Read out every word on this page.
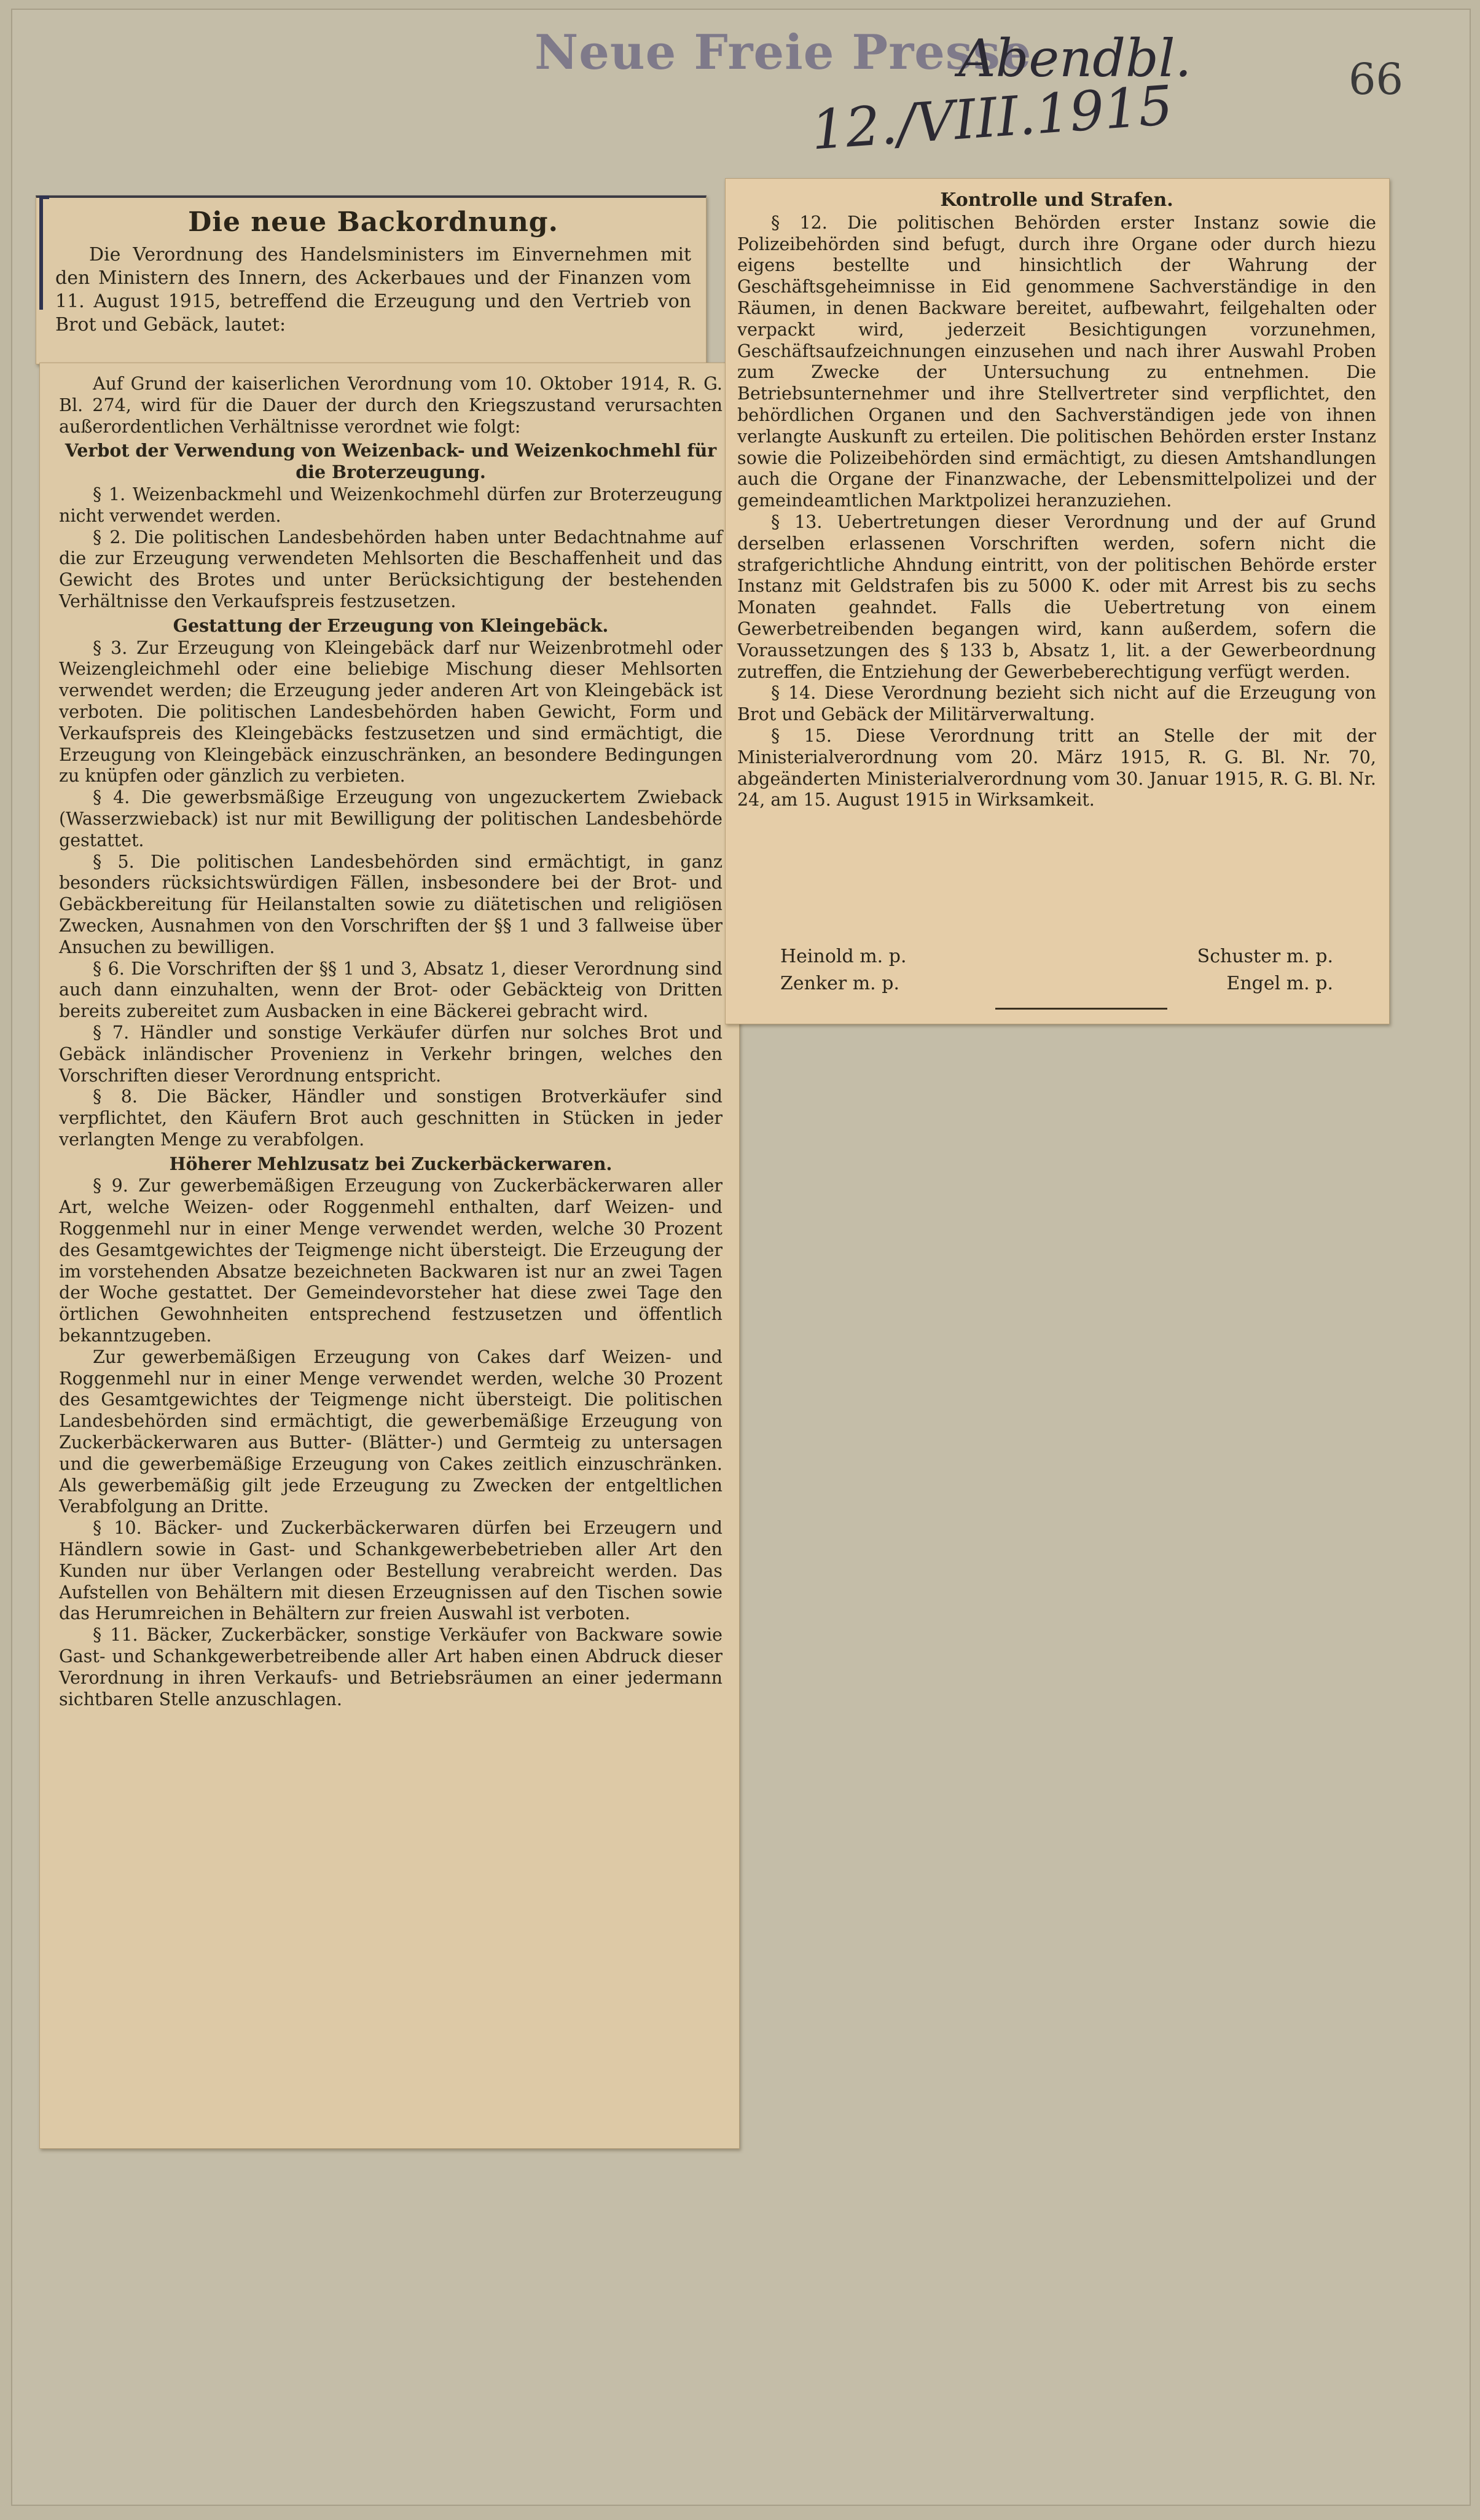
Neue Freie Presse
Abendbl.
12./VIII.1915	66
Die neue Backordnung.

Die Verordnung des Handelsministers im Einvernehmen mit den Ministern des Innern, des Ackerbaues und der Finanzen vom 11. August 1915, betreffend die Erzeugung und den Vertrieb von Brot und Gebäck, lautet:

Auf Grund der kaiserlichen Verordnung vom 10. Oktober 1914, R. G. Bl. 274, wird für die Dauer der durch den Kriegszustand verursachten außerordentlichen Verhältnisse verordnet wie folgt:

Verbot der Verwendung von Weizenback- und Weizenkochmehl für die Broterzeugung.

§ 1. Weizenbackmehl und Weizenkochmehl dürfen zur Broterzeugung nicht verwendet werden.

§ 2. Die politischen Landesbehörden haben unter Bedachtnahme auf die zur Erzeugung verwendeten Mehlsorten die Beschaffenheit und das Gewicht des Brotes und unter Berücksichtigung der bestehenden Verhältnisse den Verkaufspreis festzusetzen.

Gestattung der Erzeugung von Kleingebäck.

§ 3. Zur Erzeugung von Kleingebäck darf nur Weizenbrotmehl oder Weizengleichmehl oder eine beliebige Mischung dieser Mehlsorten verwendet werden; die Erzeugung jeder anderen Art von Kleingebäck ist verboten. Die politischen Landesbehörden haben Gewicht, Form und Verkaufspreis des Kleingebäcks festzusetzen und sind ermächtigt, die Erzeugung von Kleingebäck einzuschränken, an besondere Bedingungen zu knüpfen oder gänzlich zu verbieten.

§ 4. Die gewerbsmäßige Erzeugung von ungezuckertem Zwieback (Wasserzwieback) ist nur mit Bewilligung der politischen Landesbehörde gestattet.

§ 5. Die politischen Landesbehörden sind ermächtigt, in ganz besonders rücksichtswürdigen Fällen, insbesondere bei der Brot- und Gebäckbereitung für Heilanstalten sowie zu diätetischen und religiösen Zwecken, Ausnahmen von den Vorschriften der §§ 1 und 3 fallweise über Ansuchen zu bewilligen.

§ 6. Die Vorschriften der §§ 1 und 3, Absatz 1, dieser Verordnung sind auch dann einzuhalten, wenn der Brot- oder Gebäckteig von Dritten bereits zubereitet zum Ausbacken in eine Bäckerei gebracht wird.

§ 7. Händler und sonstige Verkäufer dürfen nur solches Brot und Gebäck inländischer Provenienz in Verkehr bringen, welches den Vorschriften dieser Verordnung entspricht.

§ 8. Die Bäcker, Händler und sonstigen Brotverkäufer sind verpflichtet, den Käufern Brot auch geschnitten in Stücken in jeder verlangten Menge zu verabfolgen.

Höherer Mehlzusatz bei Zuckerbäckerwaren.

§ 9. Zur gewerbemäßigen Erzeugung von Zuckerbäckerwaren aller Art, welche Weizen- oder Roggenmehl enthalten, darf Weizen- und Roggenmehl nur in einer Menge verwendet werden, welche 30 Prozent des Gesamtgewichtes der Teigmenge nicht übersteigt. Die Erzeugung der im vorstehenden Absatze bezeichneten Backwaren ist nur an zwei Tagen der Woche gestattet. Der Gemeindevorsteher hat diese zwei Tage den örtlichen Gewohnheiten entsprechend festzusetzen und öffentlich bekanntzugeben.

Zur gewerbemäßigen Erzeugung von Cakes darf Weizen- und Roggenmehl nur in einer Menge verwendet werden, welche 30 Prozent des Gesamtgewichtes der Teigmenge nicht übersteigt. Die politischen Landesbehörden sind ermächtigt, die gewerbemäßige Erzeugung von Zuckerbäckerwaren aus Butter- (Blätter-) und Germteig zu untersagen und die gewerbemäßige Erzeugung von Cakes zeitlich einzuschränken. Als gewerbemäßig gilt jede Erzeugung zu Zwecken der entgeltlichen Verabfolgung an Dritte.

§ 10. Bäcker- und Zuckerbäckerwaren dürfen bei Erzeugern und Händlern sowie in Gast- und Schankgewerbebetrieben aller Art den Kunden nur über Verlangen oder Bestellung verabreicht werden. Das Aufstellen von Behältern mit diesen Erzeugnissen auf den Tischen sowie das Herumreichen in Behältern zur freien Auswahl ist verboten.

§ 11. Bäcker, Zuckerbäcker, sonstige Verkäufer von Backware sowie Gast- und Schankgewerbetreibende aller Art haben einen Abdruck dieser Verordnung in ihren Verkaufs- und Betriebsräumen an einer jedermann sichtbaren Stelle anzuschlagen.

Kontrolle und Strafen.

§ 12. Die politischen Behörden erster Instanz sowie die Polizeibehörden sind befugt, durch ihre Organe oder durch hiezu eigens bestellte und hinsichtlich der Wahrung der Geschäftsgeheimnisse in Eid genommene Sachverständige in den Räumen, in denen Backware bereitet, aufbewahrt, feilgehalten oder verpackt wird, jederzeit Besichtigungen vorzunehmen, Geschäftsaufzeichnungen einzusehen und nach ihrer Auswahl Proben zum Zwecke der Untersuchung zu entnehmen. Die Betriebsunternehmer und ihre Stellvertreter sind verpflichtet, den behördlichen Organen und den Sachverständigen jede von ihnen verlangte Auskunft zu erteilen. Die politischen Behörden erster Instanz sowie die Polizeibehörden sind ermächtigt, zu diesen Amtshandlungen auch die Organe der Finanzwache, der Lebensmittelpolizei und der gemeindeamtlichen Marktpolizei heranzuziehen.

§ 13. Uebertretungen dieser Verordnung und der auf Grund derselben erlassenen Vorschriften werden, sofern nicht die strafgerichtliche Ahndung eintritt, von der politischen Behörde erster Instanz mit Geldstrafen bis zu 5000 K. oder mit Arrest bis zu sechs Monaten geahndet. Falls die Uebertretung von einem Gewerbetreibenden begangen wird, kann außerdem, sofern die Voraussetzungen des § 133 b, Absatz 1, lit. a der Gewerbeordnung zutreffen, die Entziehung der Gewerbeberechtigung verfügt werden.

§ 14. Diese Verordnung bezieht sich nicht auf die Erzeugung von Brot und Gebäck der Militärverwaltung.

§ 15. Diese Verordnung tritt an Stelle der mit der Ministerialverordnung vom 20. März 1915, R. G. Bl. Nr. 70, abgeänderten Ministerialverordnung vom 30. Januar 1915, R. G. Bl. Nr. 24, am 15. August 1915 in Wirksamkeit.

Heinold m. p.	Schuster m. p.
Zenker m. p.	Engel m. p.
